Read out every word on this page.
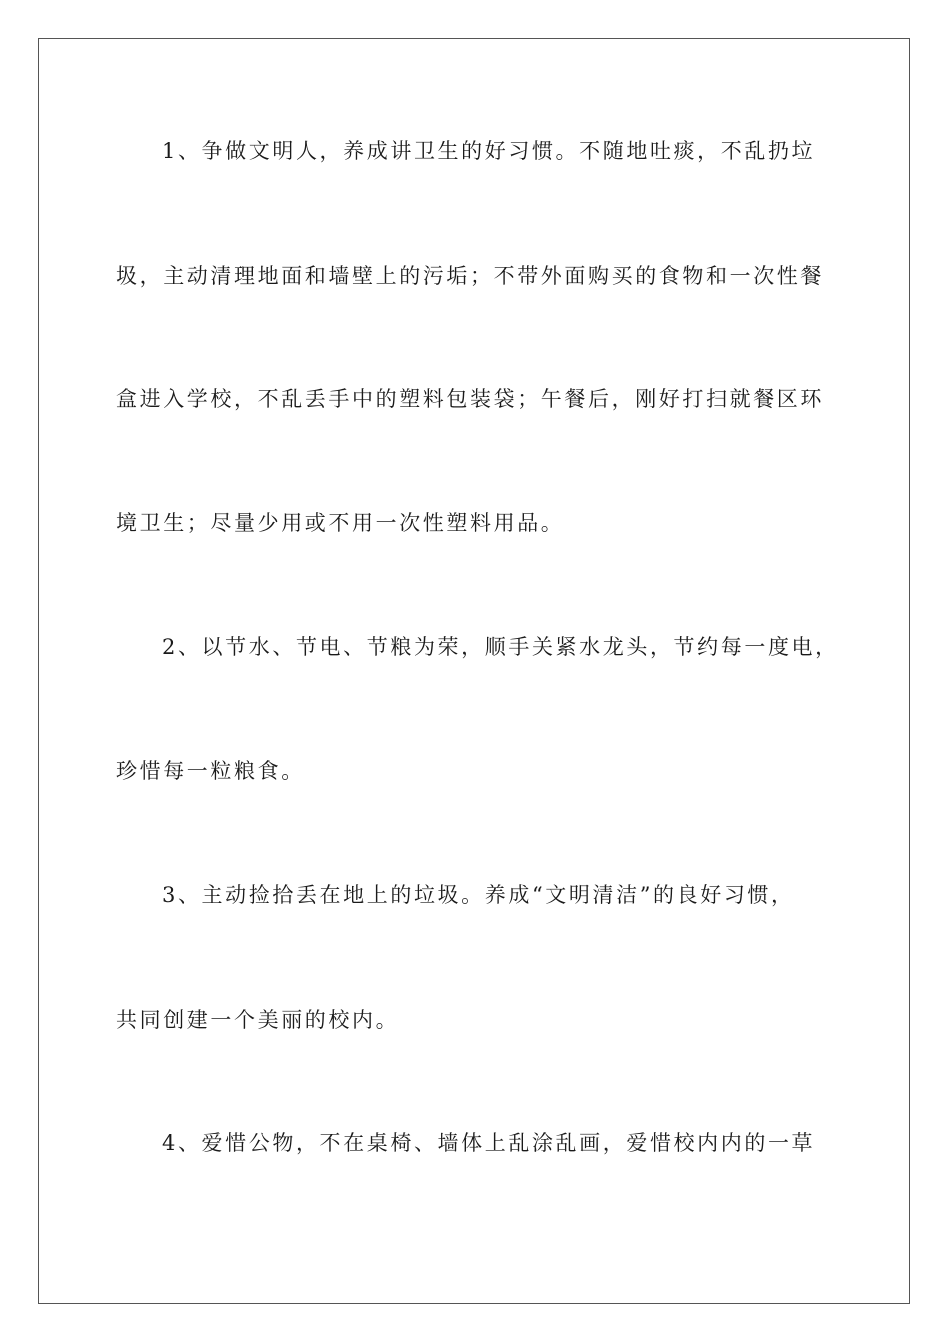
1、争做文明人，养成讲卫生的好习惯。不随地吐痰，不乱扔垃
圾，主动清理地面和墙壁上的污垢；不带外面购买的食物和一次性餐
盒进入学校，不乱丢手中的塑料包装袋；午餐后，刚好打扫就餐区环
境卫生；尽量少用或不用一次性塑料用品。
2、以节水、节电、节粮为荣，顺手关紧水龙头，节约每一度电，
珍惜每一粒粮食。
3、主动捡拾丢在地上的垃圾。养成“文明清洁”的良好习惯，
共同创建一个美丽的校内。
4、爱惜公物，不在桌椅、墙体上乱涂乱画，爱惜校内内的一草
